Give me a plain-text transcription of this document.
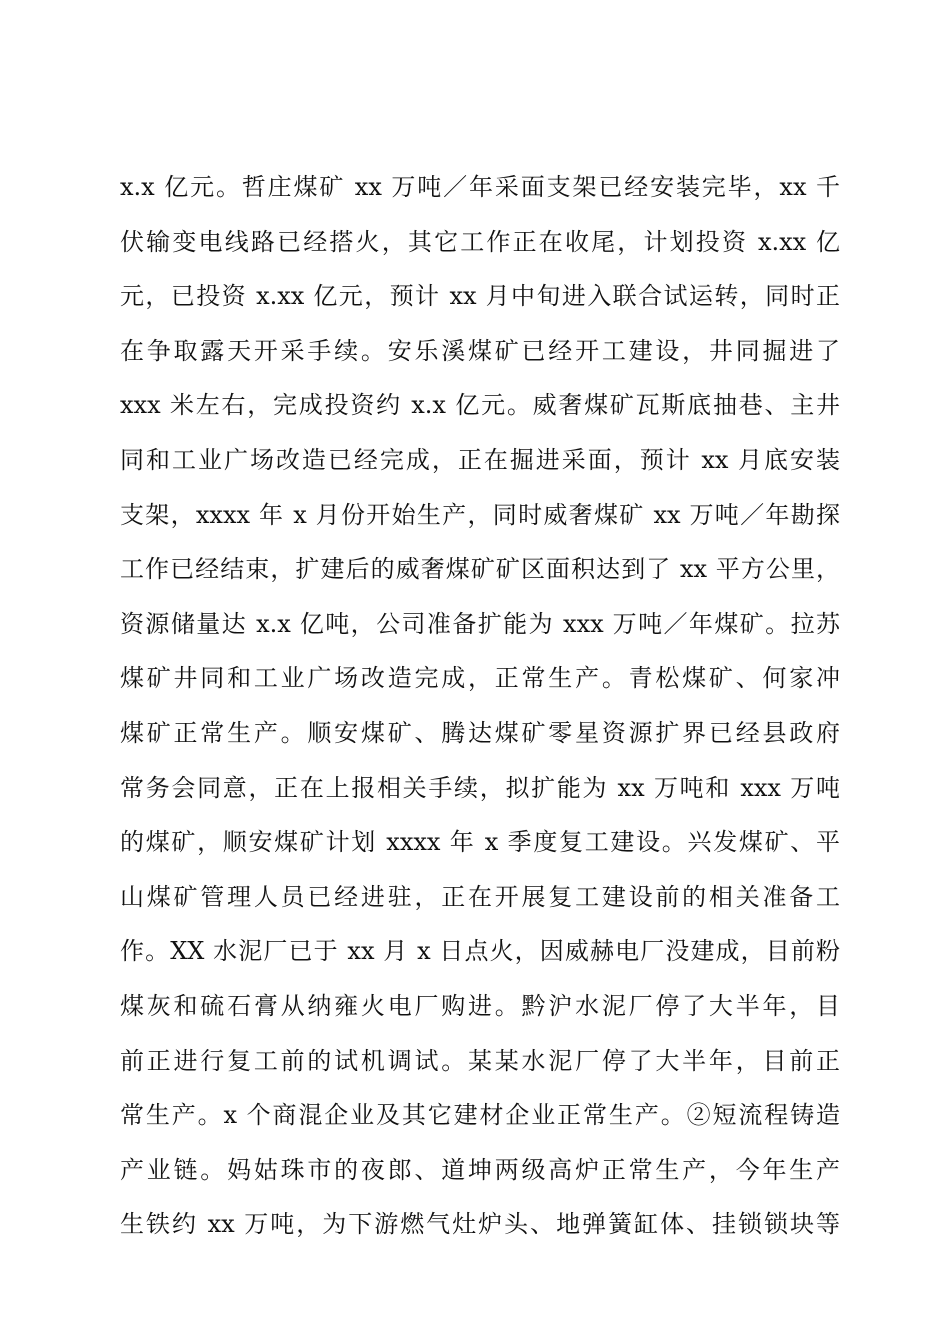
x.x 亿元。哲庄煤矿 xx 万吨／年采面支架已经安装完毕，xx 千
伏输变电线路已经搭火，其它工作正在收尾，计划投资 x.xx 亿
元，已投资 x.xx 亿元，预计 xx 月中旬进入联合试运转，同时正
在争取露天开采手续。安乐溪煤矿已经开工建设，井同掘进了
xxx 米左右，完成投资约 x.x 亿元。威奢煤矿瓦斯底抽巷、主井
同和工业广场改造已经完成，正在掘进采面，预计 xx 月底安装
支架，xxxx 年 x 月份开始生产，同时威奢煤矿 xx 万吨／年勘探
工作已经结束，扩建后的威奢煤矿矿区面积达到了 xx 平方公里，
资源储量达 x.x 亿吨，公司准备扩能为 xxx 万吨／年煤矿。拉苏
煤矿井同和工业广场改造完成，正常生产。青松煤矿、何家冲
煤矿正常生产。顺安煤矿、腾达煤矿零星资源扩界已经县政府
常务会同意，正在上报相关手续，拟扩能为 xx 万吨和 xxx 万吨
的煤矿，顺安煤矿计划 xxxx 年 x 季度复工建设。兴发煤矿、平
山煤矿管理人员已经进驻，正在开展复工建设前的相关准备工
作。XX 水泥厂已于 xx 月 x 日点火，因威赫电厂没建成，目前粉
煤灰和硫石膏从纳雍火电厂购进。黔沪水泥厂停了大半年，目
前正进行复工前的试机调试。某某水泥厂停了大半年，目前正
常生产。x 个商混企业及其它建材企业正常生产。②短流程铸造
产业链。妈姑珠市的夜郎、道坤两级高炉正常生产，今年生产
生铁约 xx 万吨，为下游燃气灶炉头、地弹簧缸体、挂锁锁块等
